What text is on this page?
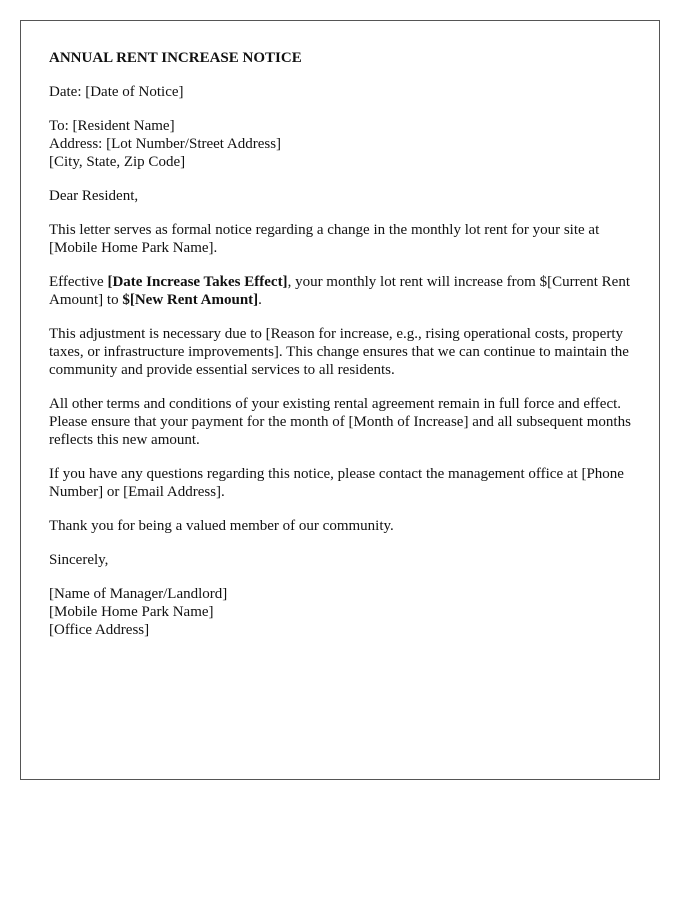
ANNUAL RENT INCREASE NOTICE

Date: [Date of Notice]

To: [Resident Name]
Address: [Lot Number/Street Address]
[City, State, Zip Code]

Dear Resident,

This letter serves as formal notice regarding a change in the monthly lot rent for your site at [Mobile Home Park Name].

Effective [Date Increase Takes Effect], your monthly lot rent will increase from $[Current Rent Amount] to $[New Rent Amount].

This adjustment is necessary due to [Reason for increase, e.g., rising operational costs, property taxes, or infrastructure improvements]. This change ensures that we can continue to maintain the community and provide essential services to all residents.

All other terms and conditions of your existing rental agreement remain in full force and effect. Please ensure that your payment for the month of [Month of Increase] and all subsequent months reflects this new amount.

If you have any questions regarding this notice, please contact the management office at [Phone Number] or [Email Address].

Thank you for being a valued member of our community.

Sincerely,

[Name of Manager/Landlord]
[Mobile Home Park Name]
[Office Address]
